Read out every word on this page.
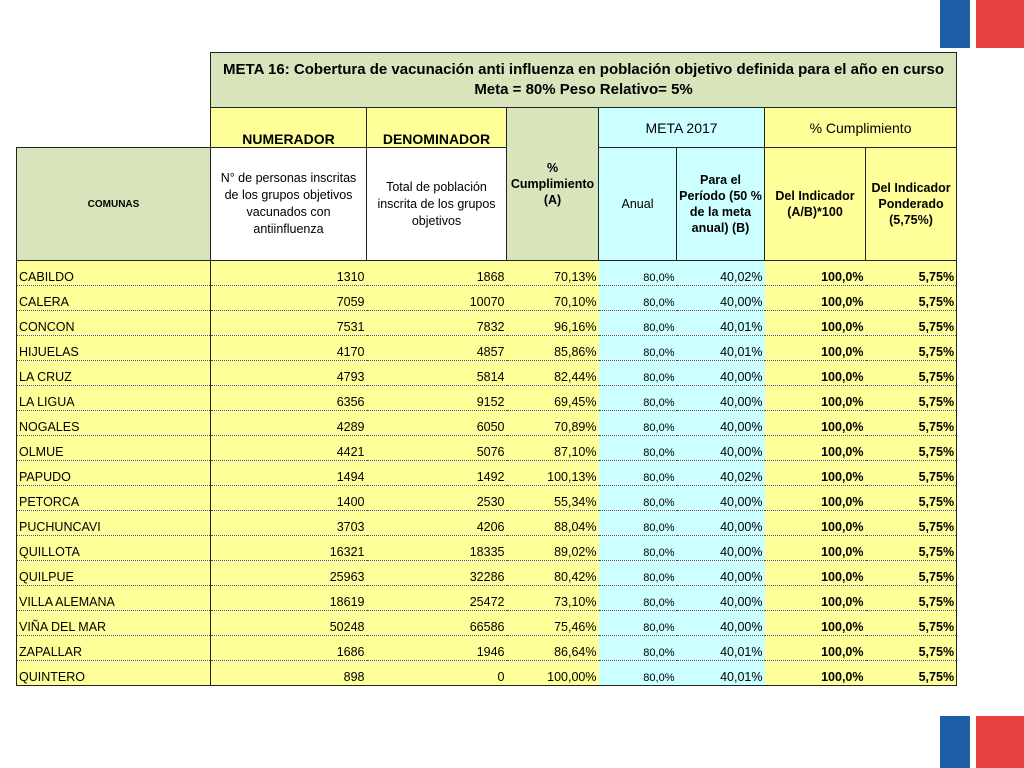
	META 16: Cobertura de vacunación anti influenza en población objetivo definida para el año en curso Meta = 80% Peso Relativo= 5%						
	NUMERADOR	DENOMINADOR	% Cumplimiento (A)	META 2017		% Cumplimiento	
COMUNAS	N° de personas inscritas de los grupos objetivos vacunados con antiinfluenza	Total de población inscrita de los grupos objetivos		Anual	Para el Período (50 % de la meta anual) (B)	Del Indicador (A/B)*100	Del Indicador Ponderado (5,75%)
CABILDO	1310	1868	70,13%	80,0%	40,02%	100,0%	5,75%
CALERA	7059	10070	70,10%	80,0%	40,00%	100,0%	5,75%
CONCON	7531	7832	96,16%	80,0%	40,01%	100,0%	5,75%
HIJUELAS	4170	4857	85,86%	80,0%	40,01%	100,0%	5,75%
LA CRUZ	4793	5814	82,44%	80,0%	40,00%	100,0%	5,75%
LA LIGUA	6356	9152	69,45%	80,0%	40,00%	100,0%	5,75%
NOGALES	4289	6050	70,89%	80,0%	40,00%	100,0%	5,75%
OLMUE	4421	5076	87,10%	80,0%	40,00%	100,0%	5,75%
PAPUDO	1494	1492	100,13%	80,0%	40,02%	100,0%	5,75%
PETORCA	1400	2530	55,34%	80,0%	40,00%	100,0%	5,75%
PUCHUNCAVI	3703	4206	88,04%	80,0%	40,00%	100,0%	5,75%
QUILLOTA	16321	18335	89,02%	80,0%	40,00%	100,0%	5,75%
QUILPUE	25963	32286	80,42%	80,0%	40,00%	100,0%	5,75%
VILLA ALEMANA	18619	25472	73,10%	80,0%	40,00%	100,0%	5,75%
VIÑA DEL MAR	50248	66586	75,46%	80,0%	40,00%	100,0%	5,75%
ZAPALLAR	1686	1946	86,64%	80,0%	40,01%	100,0%	5,75%
QUINTERO	898	0	100,00%	80,0%	40,01%	100,0%	5,75%
